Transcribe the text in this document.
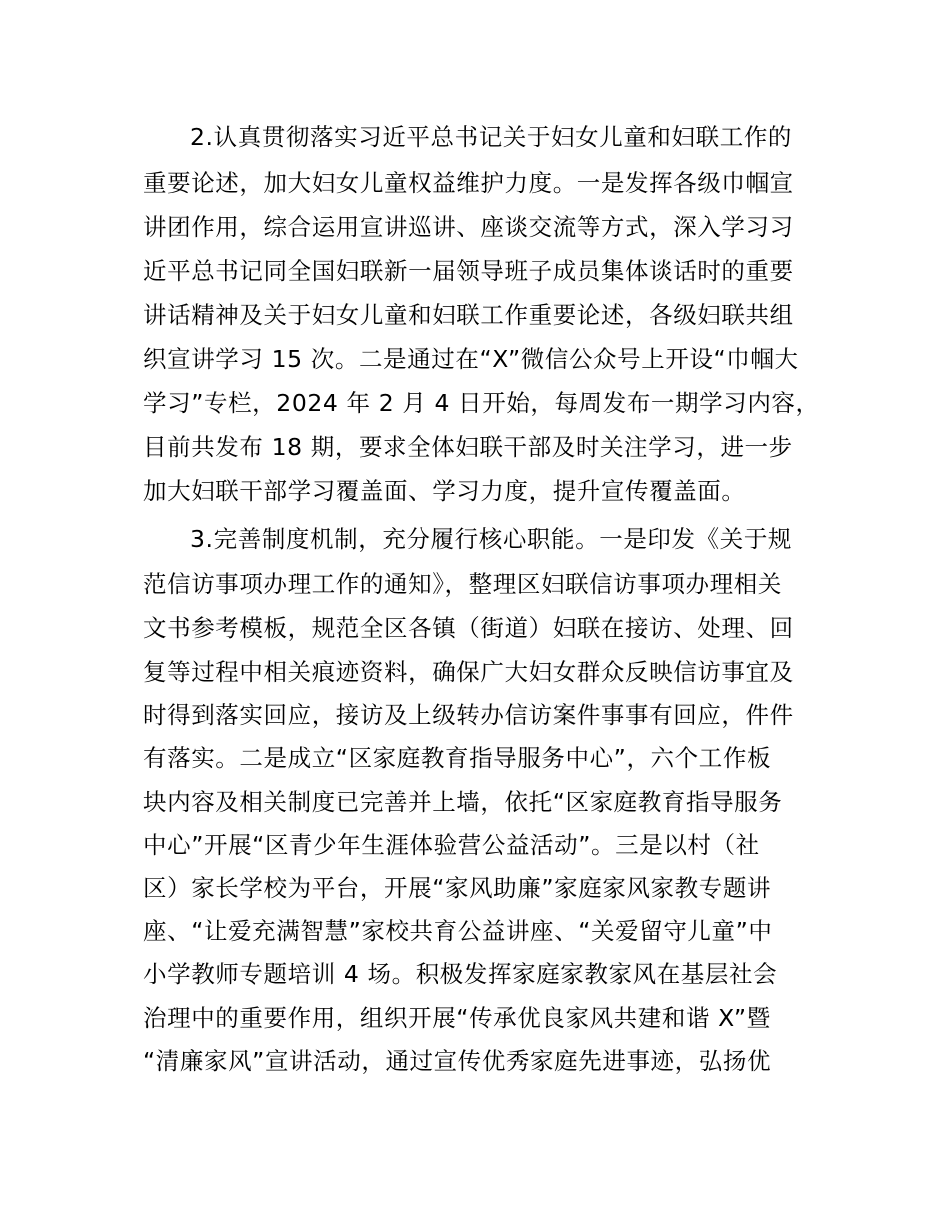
2.认真贯彻落实习近平总书记关于妇女儿童和妇联工作的
重要论述，加大妇女儿童权益维护力度。一是发挥各级巾帼宣
讲团作用，综合运用宣讲巡讲、座谈交流等方式，深入学习习
近平总书记同全国妇联新一届领导班子成员集体谈话时的重要
讲话精神及关于妇女儿童和妇联工作重要论述，各级妇联共组
织宣讲学习 15 次。二是通过在“X”微信公众号上开设“巾帼大
学习”专栏，2024 年 2 月 4 日开始，每周发布一期学习内容，
目前共发布 18 期，要求全体妇联干部及时关注学习，进一步
加大妇联干部学习覆盖面、学习力度，提升宣传覆盖面。
3.完善制度机制，充分履行核心职能。一是印发《关于规
范信访事项办理工作的通知》，整理区妇联信访事项办理相关
文书参考模板，规范全区各镇（街道）妇联在接访、处理、回
复等过程中相关痕迹资料，确保广大妇女群众反映信访事宜及
时得到落实回应，接访及上级转办信访案件事事有回应，件件
有落实。二是成立“区家庭教育指导服务中心”，六个工作板
块内容及相关制度已完善并上墙，依托“区家庭教育指导服务
中心”开展“区青少年生涯体验营公益活动”。三是以村（社
区）家长学校为平台，开展“家风助廉”家庭家风家教专题讲
座、“让爱充满智慧”家校共育公益讲座、“关爱留守儿童”中
小学教师专题培训 4 场。积极发挥家庭家教家风在基层社会
治理中的重要作用，组织开展“传承优良家风共建和谐 X”暨
“清廉家风”宣讲活动，通过宣传优秀家庭先进事迹，弘扬优
